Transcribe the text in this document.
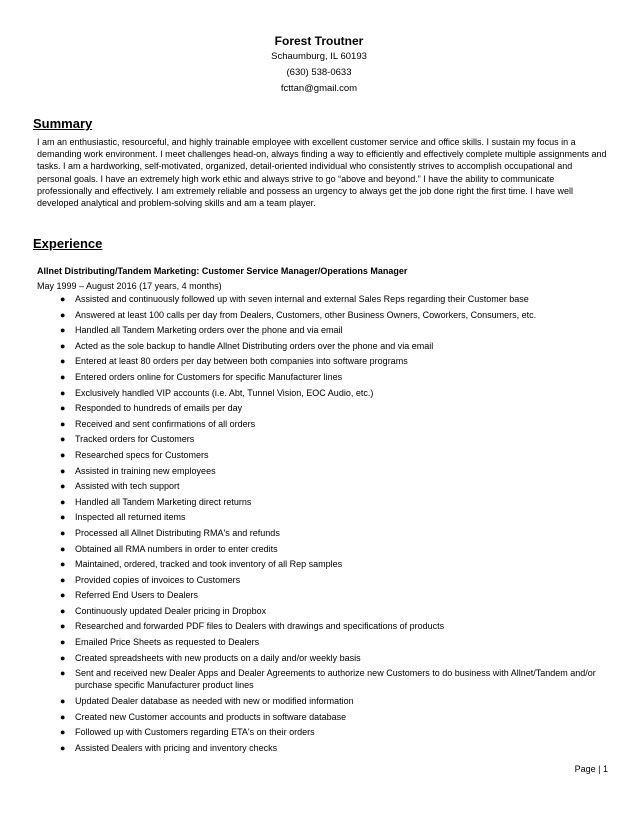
Forest Troutner
Schaumburg, IL 60193
(630) 538-0633
fcttan@gmail.com
Summary
I am an enthusiastic, resourceful, and highly trainable employee with excellent customer service and office skills. I sustain my focus in a demanding work environment. I meet challenges head-on, always finding a way to efficiently and effectively complete multiple assignments and tasks. I am a hardworking, self-motivated, organized, detail-oriented individual who consistently strives to accomplish occupational and personal goals. I have an extremely high work ethic and always strive to go “above and beyond.” I have the ability to communicate professionally and effectively. I am extremely reliable and possess an urgency to always get the job done right the first time. I have well developed analytical and problem-solving skills and am a team player.
Experience
Allnet Distributing/Tandem Marketing: Customer Service Manager/Operations Manager
May 1999 – August 2016 (17 years, 4 months)
● Assisted and continuously followed up with seven internal and external Sales Reps regarding their Customer base
● Answered at least 100 calls per day from Dealers, Customers, other Business Owners, Coworkers, Consumers, etc.
● Handled all Tandem Marketing orders over the phone and via email
● Acted as the sole backup to handle Allnet Distributing orders over the phone and via email
● Entered at least 80 orders per day between both companies into software programs
● Entered orders online for Customers for specific Manufacturer lines
● Exclusively handled VIP accounts (i.e. Abt, Tunnel Vision, EOC Audio, etc.)
● Responded to hundreds of emails per day
● Received and sent confirmations of all orders
● Tracked orders for Customers
● Researched specs for Customers
● Assisted in training new employees
● Assisted with tech support
● Handled all Tandem Marketing direct returns
● Inspected all returned items
● Processed all Allnet Distributing RMA's and refunds
● Obtained all RMA numbers in order to enter credits
● Maintained, ordered, tracked and took inventory of all Rep samples
● Provided copies of invoices to Customers
● Referred End Users to Dealers
● Continuously updated Dealer pricing in Dropbox
● Researched and forwarded PDF files to Dealers with drawings and specifications of products
● Emailed Price Sheets as requested to Dealers
● Created spreadsheets with new products on a daily and/or weekly basis
● Sent and received new Dealer Apps and Dealer Agreements to authorize new Customers to do business with Allnet/Tandem and/or purchase specific Manufacturer product lines
● Updated Dealer database as needed with new or modified information
● Created new Customer accounts and products in software database
● Followed up with Customers regarding ETA's on their orders
● Assisted Dealers with pricing and inventory checks
Page | 1
